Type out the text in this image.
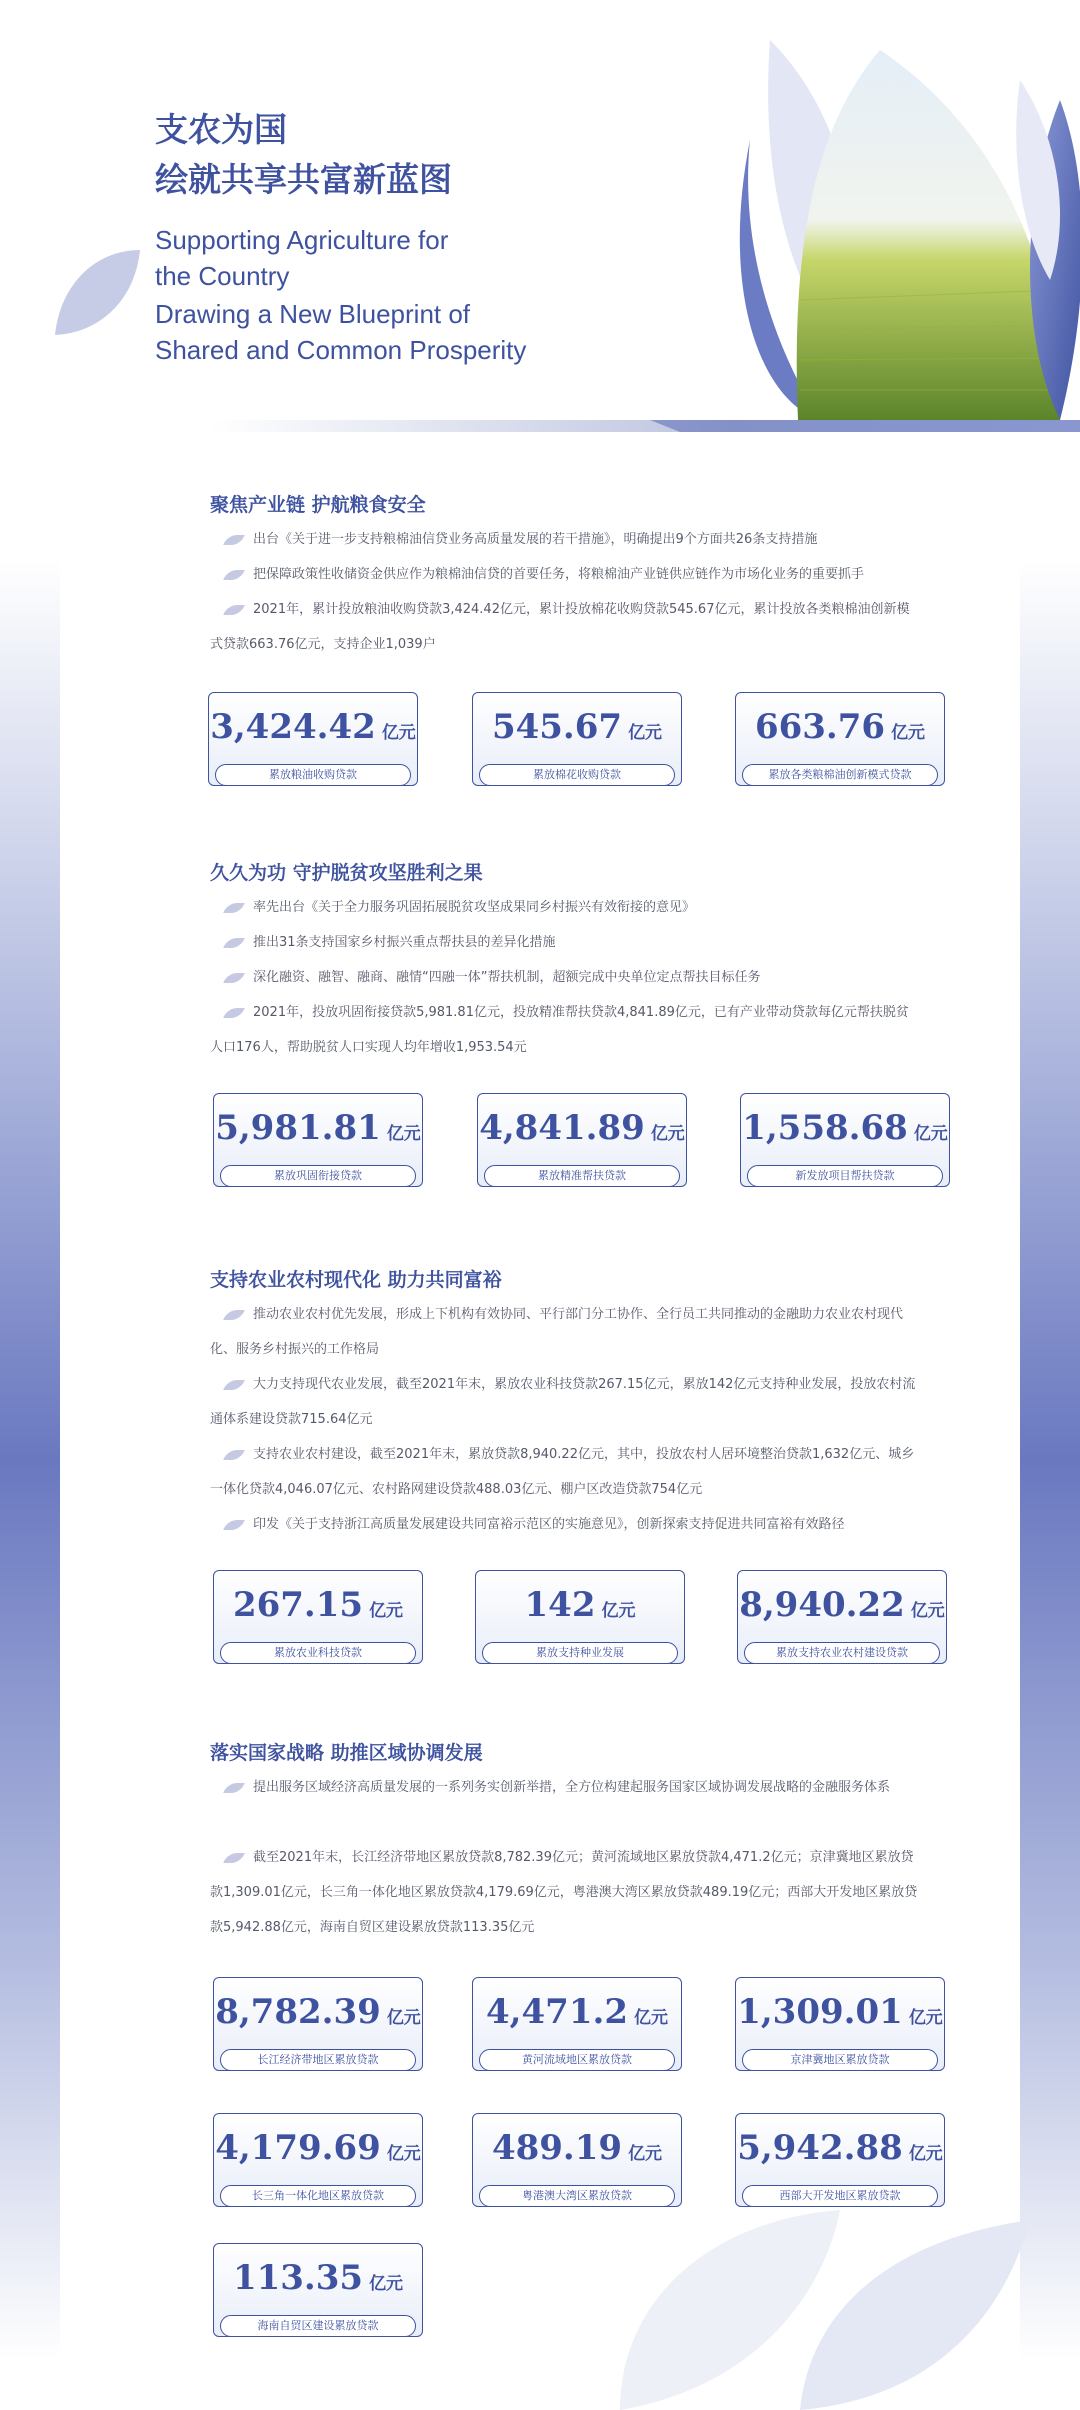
支农为国
绘就共享共富新蓝图
Supporting Agriculture for
the Country
Drawing a New Blueprint of
Shared and Common Prosperity
聚焦产业链 护航粮食安全
出台《关于进一步支持粮棉油信贷业务高质量发展的若干措施》，明确提出9个方面共26条支持措施
把保障政策性收储资金供应作为粮棉油信贷的首要任务，将粮棉油产业链供应链作为市场化业务的重要抓手
2021年，累计投放粮油收购贷款3,424.42亿元，累计投放棉花收购贷款545.67亿元，累计投放各类粮棉油创新模式贷款663.76亿元，支持企业1,039户
3,424.42 亿元
累放粮油收购贷款
545.67 亿元
累放棉花收购贷款
663.76 亿元
累放各类粮棉油创新模式贷款
久久为功 守护脱贫攻坚胜利之果
率先出台《关于全力服务巩固拓展脱贫攻坚成果同乡村振兴有效衔接的意见》
推出31条支持国家乡村振兴重点帮扶县的差异化措施
深化融资、融智、融商、融情“四融一体”帮扶机制，超额完成中央单位定点帮扶目标任务
2021年，投放巩固衔接贷款5,981.81亿元，投放精准帮扶贷款4,841.89亿元，已有产业带动贷款每亿元帮扶脱贫人口176人，帮助脱贫人口实现人均年增收1,953.54元
5,981.81 亿元
累放巩固衔接贷款
4,841.89 亿元
累放精准帮扶贷款
1,558.68 亿元
新发放项目帮扶贷款
支持农业农村现代化 助力共同富裕
推动农业农村优先发展，形成上下机构有效协同、平行部门分工协作、全行员工共同推动的金融助力农业农村现代化、服务乡村振兴的工作格局
大力支持现代农业发展，截至2021年末，累放农业科技贷款267.15亿元，累放142亿元支持种业发展，投放农村流通体系建设贷款715.64亿元
支持农业农村建设，截至2021年末，累放贷款8,940.22亿元，其中，投放农村人居环境整治贷款1,632亿元、城乡一体化贷款4,046.07亿元、农村路网建设贷款488.03亿元、棚户区改造贷款754亿元
印发《关于支持浙江高质量发展建设共同富裕示范区的实施意见》，创新探索支持促进共同富裕有效路径
267.15 亿元
累放农业科技贷款
142 亿元
累放支持种业发展
8,940.22 亿元
累放支持农业农村建设贷款
落实国家战略 助推区域协调发展
提出服务区域经济高质量发展的一系列务实创新举措，全方位构建起服务国家区域协调发展战略的金融服务体系
截至2021年末，长江经济带地区累放贷款8,782.39亿元；黄河流域地区累放贷款4,471.2亿元；京津冀地区累放贷款1,309.01亿元，长三角一体化地区累放贷款4,179.69亿元，粤港澳大湾区累放贷款489.19亿元；西部大开发地区累放贷款5,942.88亿元，海南自贸区建设累放贷款113.35亿元
8,782.39 亿元
长江经济带地区累放贷款
4,471.2 亿元
黄河流域地区累放贷款
1,309.01 亿元
京津冀地区累放贷款
4,179.69 亿元
长三角一体化地区累放贷款
489.19 亿元
粤港澳大湾区累放贷款
5,942.88 亿元
西部大开发地区累放贷款
113.35 亿元
海南自贸区建设累放贷款
